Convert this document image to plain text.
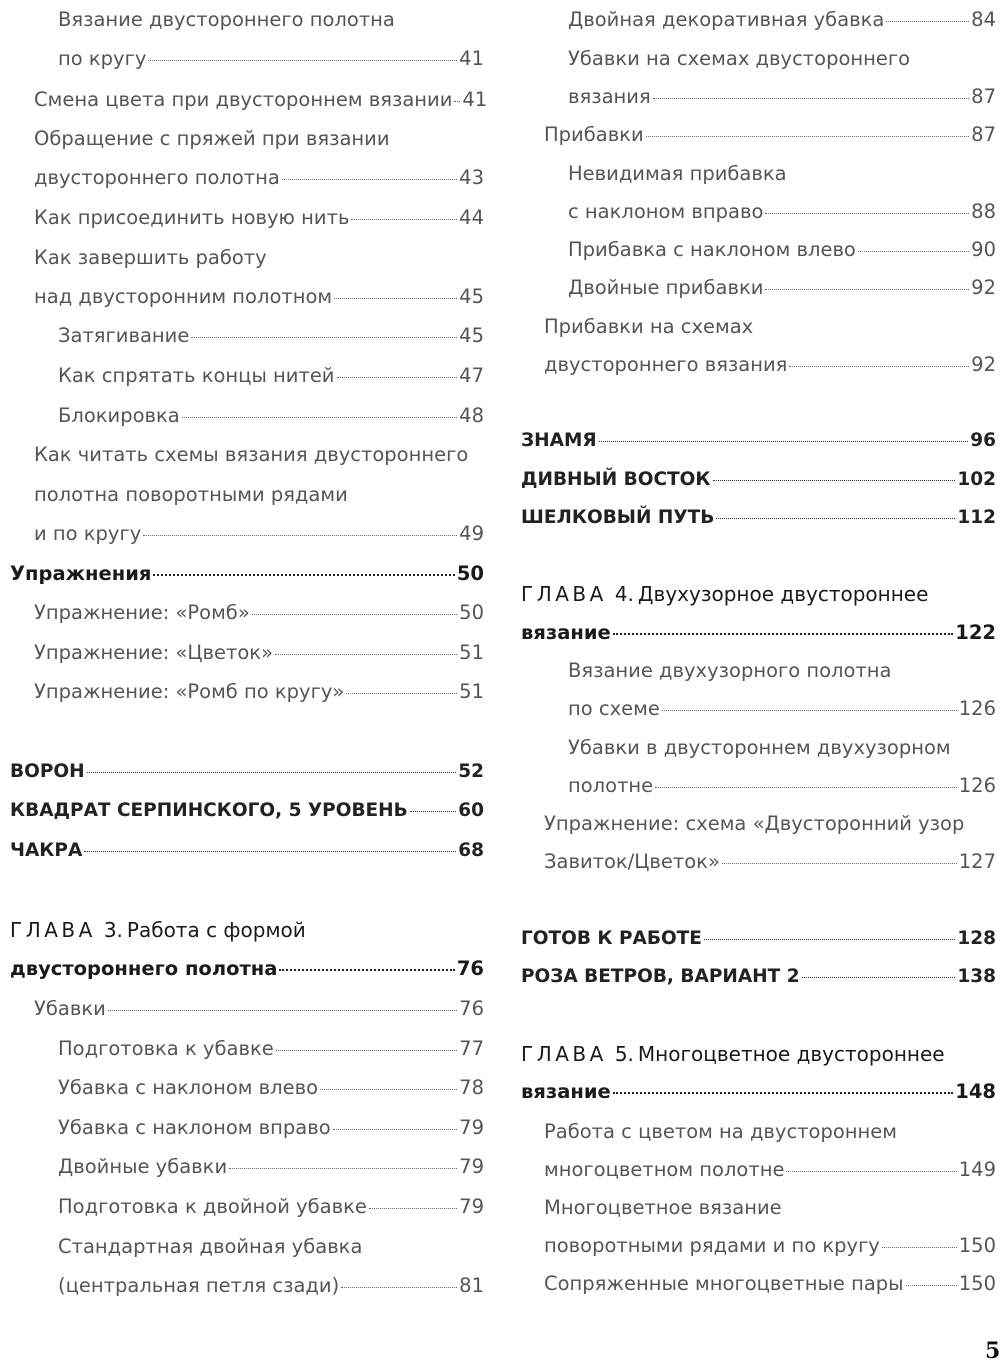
Вязание двустороннего полотна
по кругу	41
Смена цвета при двустороннем вязании 41
Обращение с пряжей при вязании
двустороннего полотна	43
Как присоединить новую нить	44
Как завершить работу
над двусторонним полотном	45
Затягивание	45
Как спрятать концы нитей	47
Блокировка	48
Как читать схемы вязания двустороннего
полотна поворотными рядами
и по кругу	49
Упражнения	50
Упражнение: «Ромб»	50
Упражнение: «Цветок»	51
Упражнение: «Ромб по кругу»	51
ВОРОН	52
КВАДРАТ СЕРПИНСКОГО, 5 УРОВЕНЬ	60
ЧАКРА	68
ГЛАВА 3. Работа с формой
двустороннего полотна	76
Убавки	76
Подготовка к убавке	77
Убавка с наклоном влево	78
Убавка с наклоном вправо	79
Двойные убавки	79
Подготовка к двойной убавке	79
Стандартная двойная убавка
(центральная петля сзади)	81
Двойная декоративная убавка	84
Убавки на схемах двустороннего
вязания	87
Прибавки	87
Невидимая прибавка
с наклоном вправо	88
Прибавка с наклоном влево	90
Двойные прибавки	92
Прибавки на схемах
двустороннего вязания	92
ЗНАМЯ	96
ДИВНЫЙ ВОСТОК	102
ШЕЛКОВЫЙ ПУТЬ	112
ГЛАВА 4. Двухузорное двустороннее
вязание	122
Вязание двухузорного полотна
по схеме	126
Убавки в двустороннем двухузорном
полотне	126
Упражнение: схема «Двусторонний узор
Завиток/Цветок»	127
ГОТОВ К РАБОТЕ	128
РОЗА ВЕТРОВ, ВАРИАНТ 2	138
ГЛАВА 5. Многоцветное двустороннее
вязание	148
Работа с цветом на двустороннем
многоцветном полотне	149
Многоцветное вязание
поворотными рядами и по кругу	150
Сопряженные многоцветные пары	150
5
